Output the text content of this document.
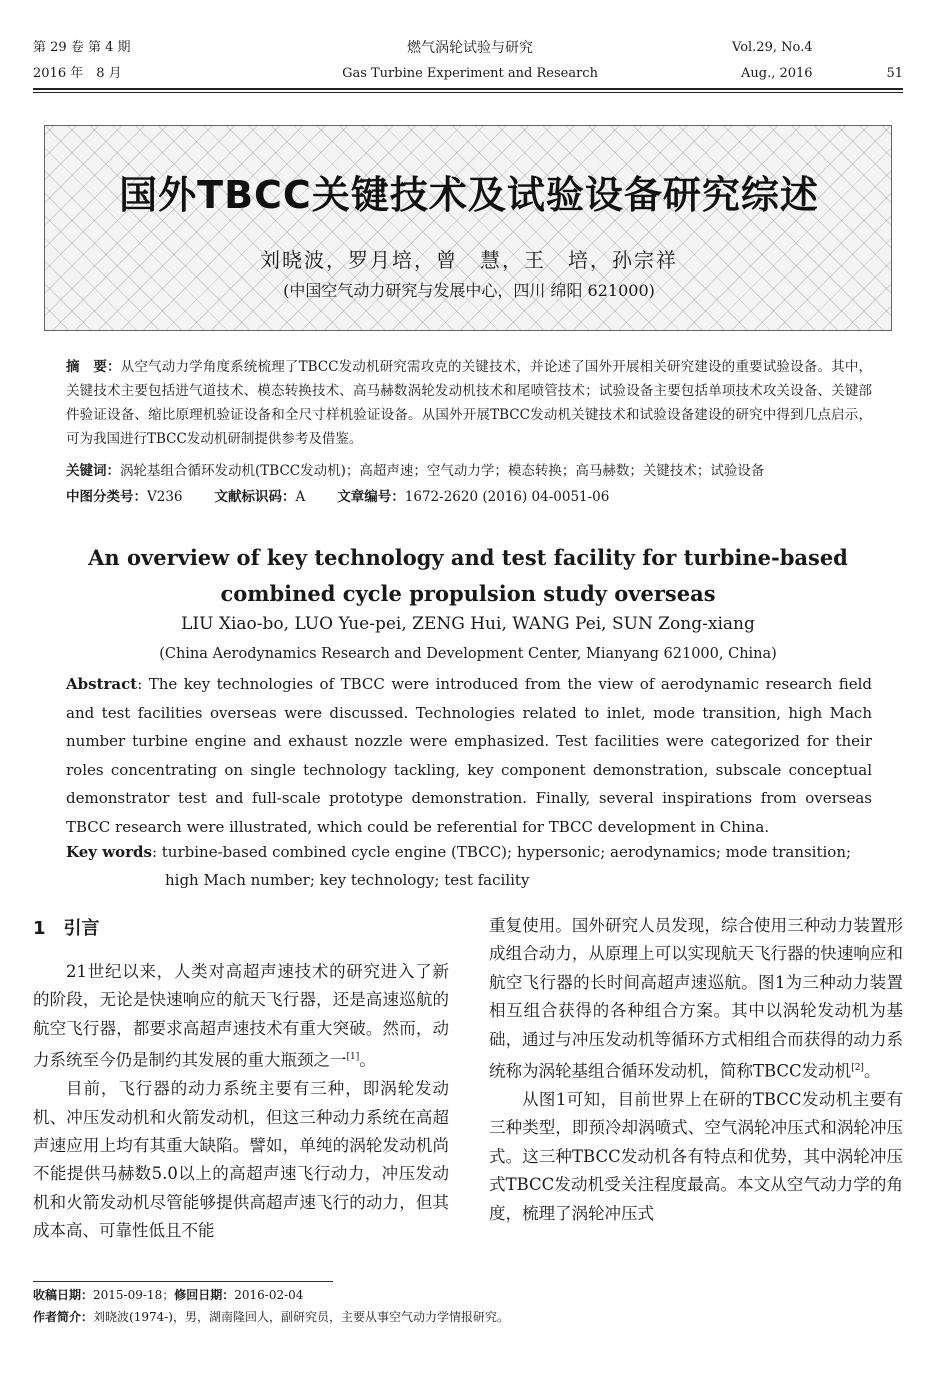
第 29 卷 第 4 期
2016 年　8 月
燃气涡轮试验与研究
Gas Turbine Experiment and Research
Vol.29, No.4
Aug., 2016	51
国外TBCC关键技术及试验设备研究综述
刘晓波，罗月培，曾　慧，王　培，孙宗祥
(中国空气动力研究与发展中心，四川 绵阳 621000)
摘　要：从空气动力学角度系统梳理了TBCC发动机研究需攻克的关键技术，并论述了国外开展相关研究建设的重要试验设备。其中，关键技术主要包括进气道技术、模态转换技术、高马赫数涡轮发动机技术和尾喷管技术；试验设备主要包括单项技术攻关设备、关键部件验证设备、缩比原理机验证设备和全尺寸样机验证设备。从国外开展TBCC发动机关键技术和试验设备建设的研究中得到几点启示，可为我国进行TBCC发动机研制提供参考及借鉴。
关键词：涡轮基组合循环发动机(TBCC发动机)；高超声速；空气动力学；模态转换；高马赫数；关键技术；试验设备
中图分类号：V236 文献标识码：A 文章编号：1672-2620 (2016) 04-0051-06
An overview of key technology and test facility for turbine-based combined cycle propulsion study overseas
LIU Xiao-bo, LUO Yue-pei, ZENG Hui, WANG Pei, SUN Zong-xiang
(China Aerodynamics Research and Development Center, Mianyang 621000, China)
Abstract: The key technologies of TBCC were introduced from the view of aerodynamic research field and test facilities overseas were discussed. Technologies related to inlet, mode transition, high Mach number turbine engine and exhaust nozzle were emphasized. Test facilities were categorized for their roles concentrating on single technology tackling, key component demonstration, subscale conceptual demonstrator test and full-scale prototype demonstration. Finally, several inspirations from overseas TBCC research were illustrated, which could be referential for TBCC development in China.
Key words: turbine-based combined cycle engine (TBCC); hypersonic; aerodynamics; mode transition;
high Mach number; key technology; test facility
1　引言

21世纪以来，人类对高超声速技术的研究进入了新的阶段，无论是快速响应的航天飞行器，还是高速巡航的航空飞行器，都要求高超声速技术有重大突破。然而，动力系统至今仍是制约其发展的重大瓶颈之一[1]。

目前，飞行器的动力系统主要有三种，即涡轮发动机、冲压发动机和火箭发动机，但这三种动力系统在高超声速应用上均有其重大缺陷。譬如，单纯的涡轮发动机尚不能提供马赫数5.0以上的高超声速飞行动力，冲压发动机和火箭发动机尽管能够提供高超声速飞行的动力，但其成本高、可靠性低且不能

重复使用。国外研究人员发现，综合使用三种动力装置形成组合动力，从原理上可以实现航天飞行器的快速响应和航空飞行器的长时间高超声速巡航。图1为三种动力装置相互组合获得的各种组合方案。其中以涡轮发动机为基础，通过与冲压发动机等循环方式相组合而获得的动力系统称为涡轮基组合循环发动机，简称TBCC发动机[2]。

从图1可知，目前世界上在研的TBCC发动机主要有三种类型，即预冷却涡喷式、空气涡轮冲压式和涡轮冲压式。这三种TBCC发动机各有特点和优势，其中涡轮冲压式TBCC发动机受关注程度最高。本文从空气动力学的角度，梳理了涡轮冲压式

收稿日期：2015-09-18；修回日期：2016-02-04
作者简介：刘晓波(1974-)，男，湖南隆回人，副研究员，主要从事空气动力学情报研究。
